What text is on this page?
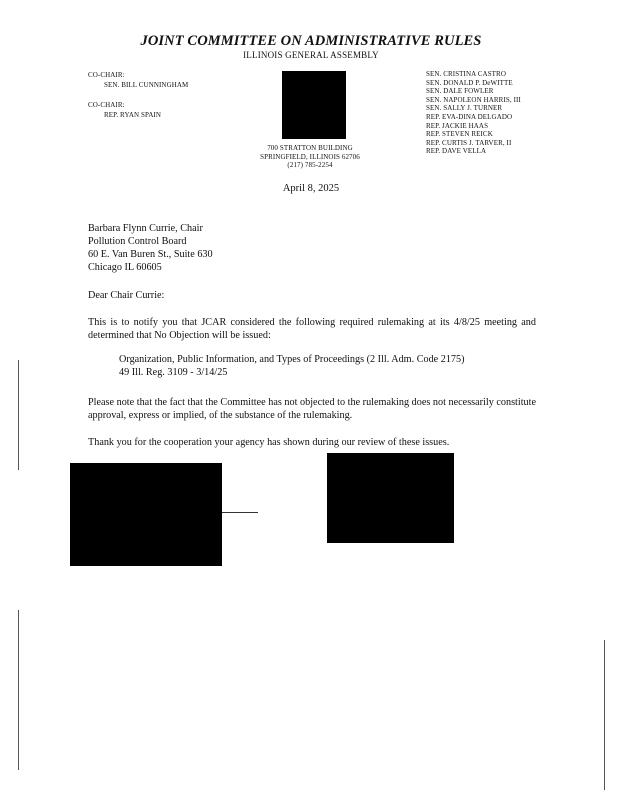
JOINT COMMITTEE ON ADMINISTRATIVE RULES
ILLINOIS GENERAL ASSEMBLY
CO-CHAIR:
SEN. BILL CUNNINGHAM
CO-CHAIR:
REP. RYAN SPAIN
SEN. CRISTINA CASTRO
SEN. DONALD P. DeWITTE
SEN. DALE FOWLER
SEN. NAPOLEON HARRIS, III
SEN. SALLY J. TURNER
REP. EVA-DINA DELGADO
REP. JACKIE HAAS
REP. STEVEN REICK
REP. CURTIS J. TARVER, II
REP. DAVE VELLA
700 STRATTON BUILDING
SPRINGFIELD, ILLINOIS 62706
(217) 785-2254
April 8, 2025
Barbara Flynn Currie, Chair
Pollution Control Board
60 E. Van Buren St., Suite 630
Chicago IL 60605
Dear Chair Currie:
This is to notify you that JCAR considered the following required rulemaking at its 4/8/25 meeting and determined that No Objection will be issued:
Organization, Public Information, and Types of Proceedings (2 Ill. Adm. Code 2175)
49 Ill. Reg. 3109 - 3/14/25
Please note that the fact that the Committee has not objected to the rulemaking does not necessarily constitute approval, express or implied, of the substance of the rulemaking.
Thank you for the cooperation your agency has shown during our review of these issues.
